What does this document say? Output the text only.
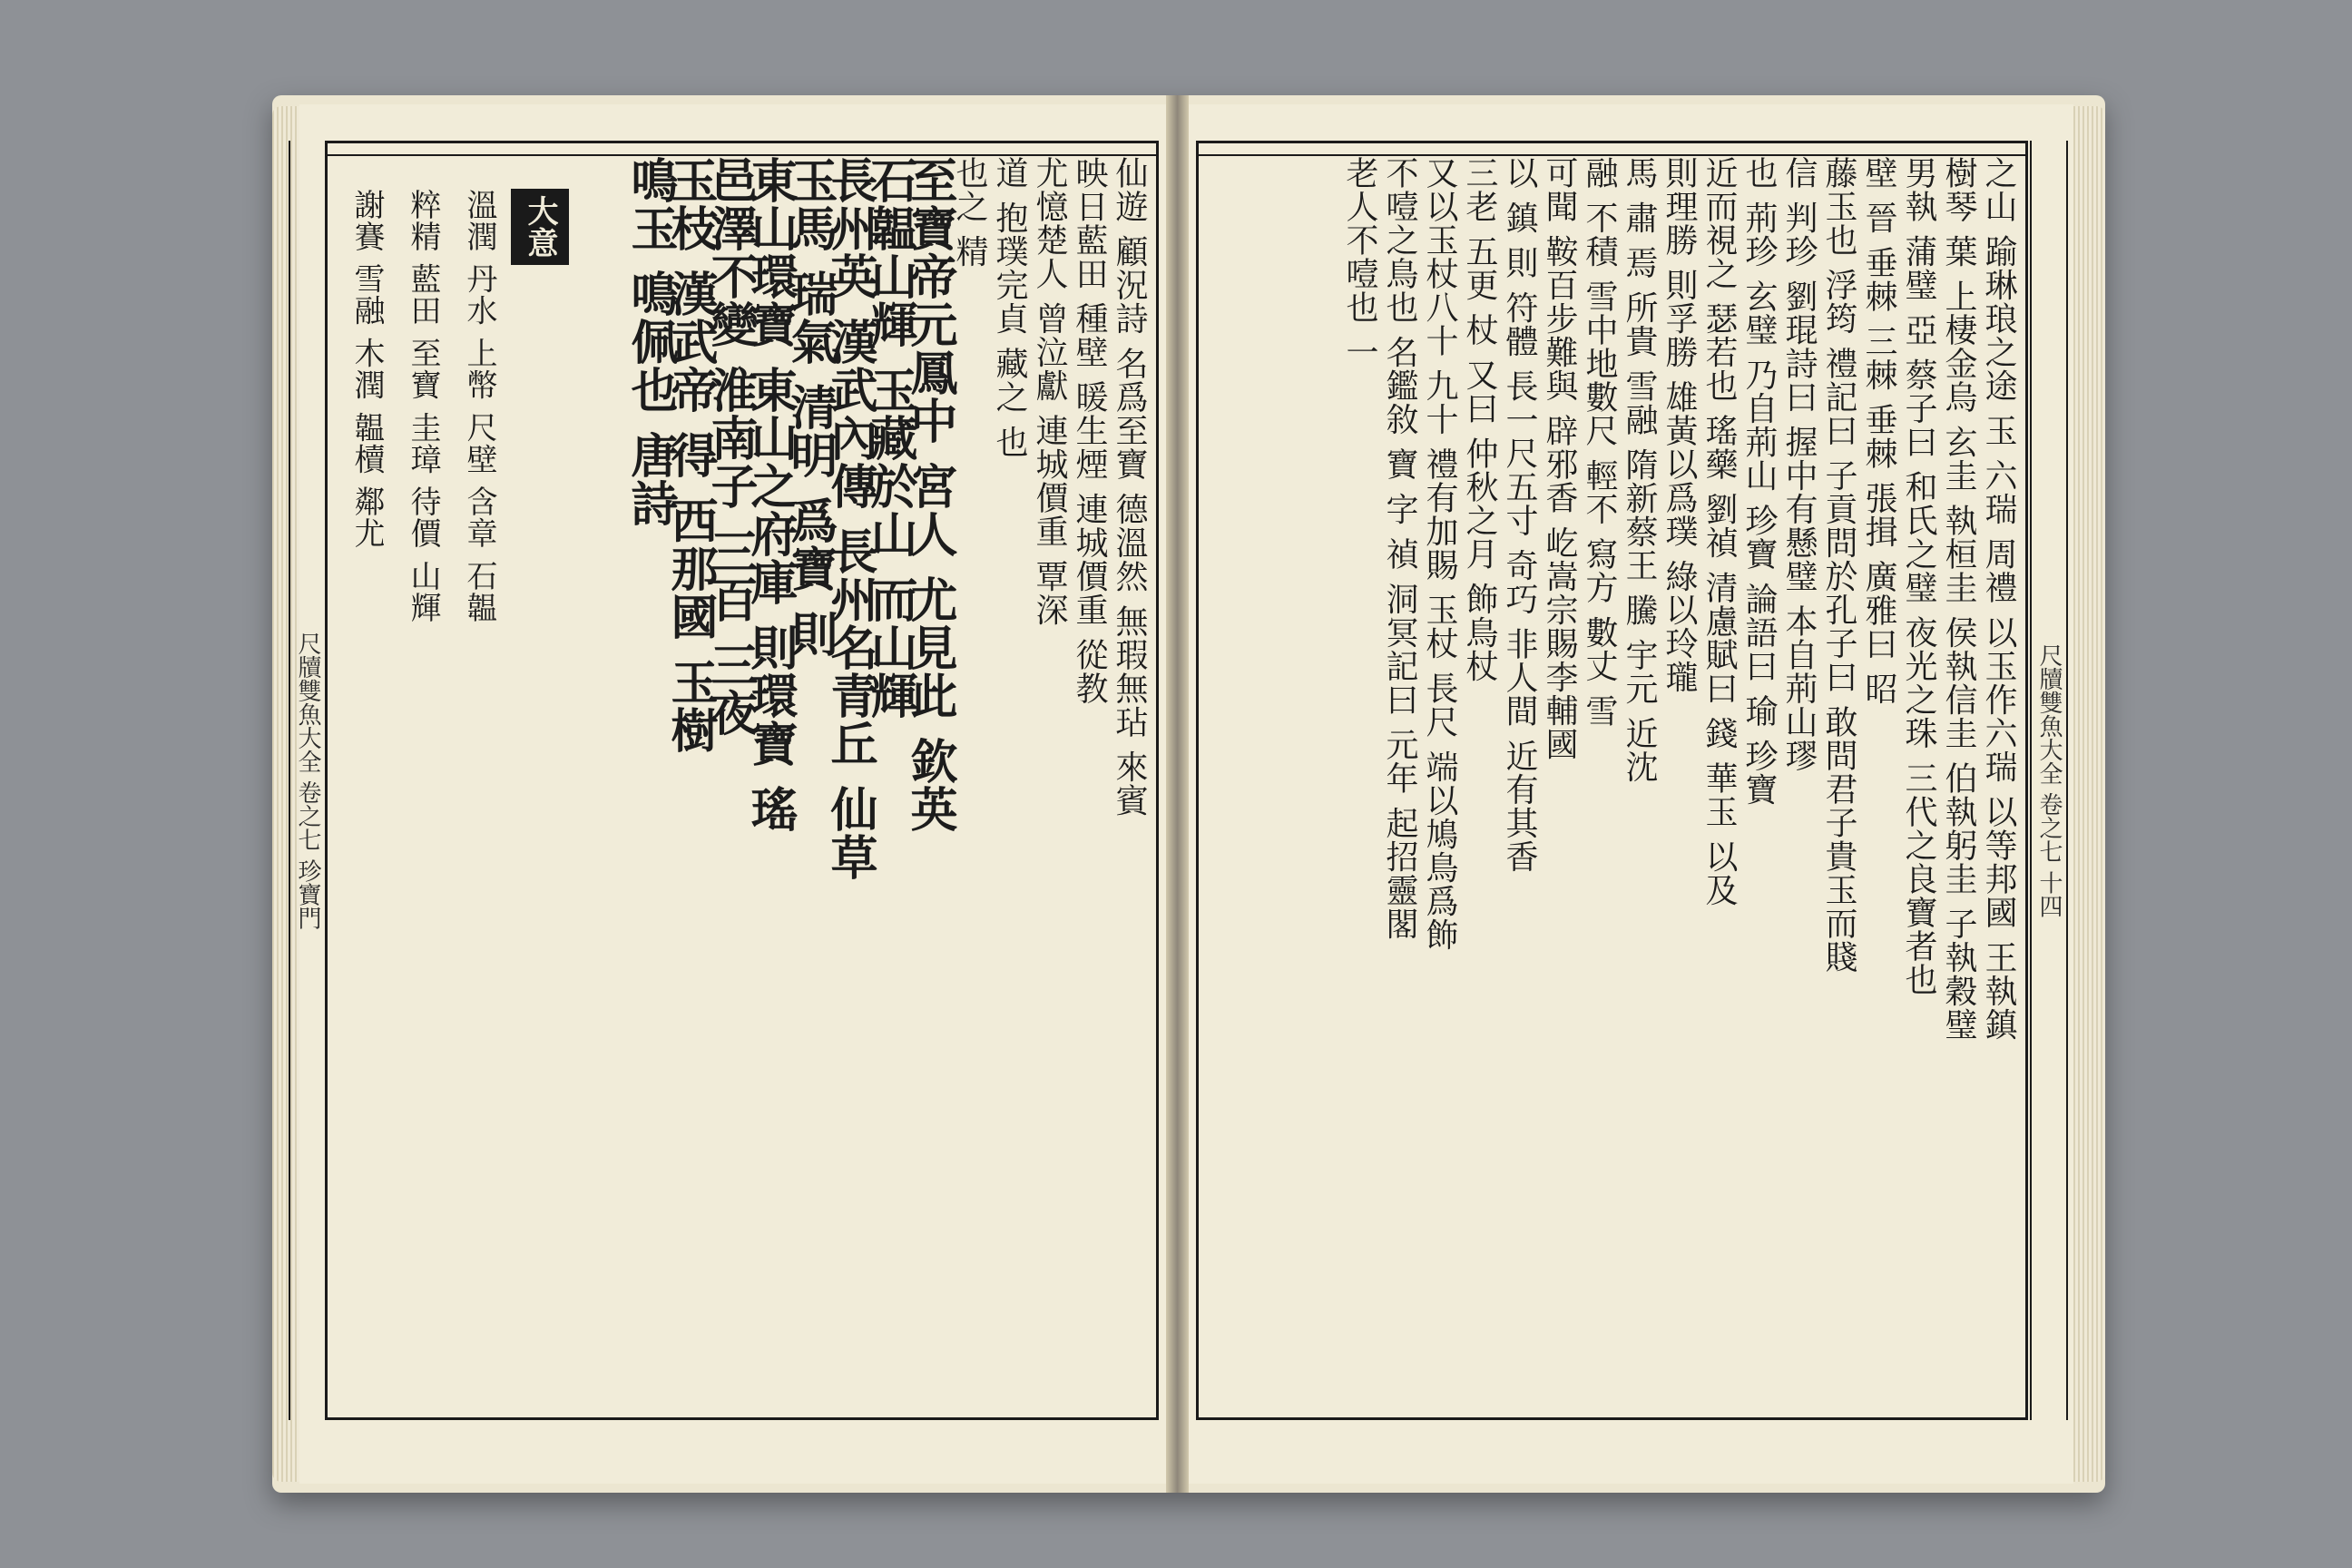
尺牘雙魚大全 卷之七 珍寶門	仙遊 顧況詩 名爲至寶 德溫然 無瑕無玷 來賓
映日藍田 種壁 暖生煙 連城價重 從教
尤憶楚人 曾泣獻 連城價重 覃深
道 抱璞完貞 藏之 也
也之 精
至寶帝元鳳中 宮人 尤見此 欽英
石韞山輝 玉藏於山 而山輝
長州英 漢武內傳 長州名青丘 仙草
玉馬 瑞氣 清明 爲寶 則
東山環寶 東山之府庫 則環寶 瑤
邑澤不變 淮南子 三百 三夜
玉枝 漢武帝 得 西那國 玉樹
鳴玉 鳴佩也 唐詩
大意
溫潤 丹水 上幣 尺壁 含章 石韞
粹精 藍田 至寶 圭璋 待價 山輝
謝賽 雪融 木潤 韞櫝 鄰尤
尺牘雙魚大全 卷之七 十四
之山 踰琳琅之途 玉 六瑞 周禮 以玉作六瑞 以等邦國 王執鎮
樹琴 葉 上棲金烏 玄圭 執桓圭 侯執信圭 伯執躬圭 子執穀璧
男執 蒲璧 亞 蔡子曰 和氏之璧 夜光之珠 三代之良寶者也
壁 晉 垂棘 三棘 垂棘 張揖 廣雅曰 昭
藤玉也 浮筠 禮記曰 子貢問於孔子曰 敢問君子貴玉而賤
信 判珍 劉琨詩曰 握中有懸璧 本自荊山璆
也 荊珍 玄璧 乃自荊山 珍寶 論語曰 瑜 珍寶
近而視之 瑟若也 瑤藥 劉禎 清慮賦曰 錢 華玉 以及
則理勝 則孚勝 雄黃以爲璞 綠以玲瓏
馬 肅 焉 所貴 雪融 隋新蔡王 騰 宇元 近沈
融 不積 雪中地數尺 輕不 寫方 數丈 雪
可聞 鞍百步難與 辟邪香 屹嵩宗賜李輔國
以 鎮 則 符體 長一尺五寸 奇巧 非人間 近有其香
三老 五更 杖 又曰 仲秋之月 飾鳥杖
又以玉杖八十 九十 禮有加賜 玉杖 長尺 端以鳩鳥爲飾
不噎之鳥也 名鑑敘 寶 字 禎 洞冥記曰 元年 起招靈閣
老人不噎也 一
